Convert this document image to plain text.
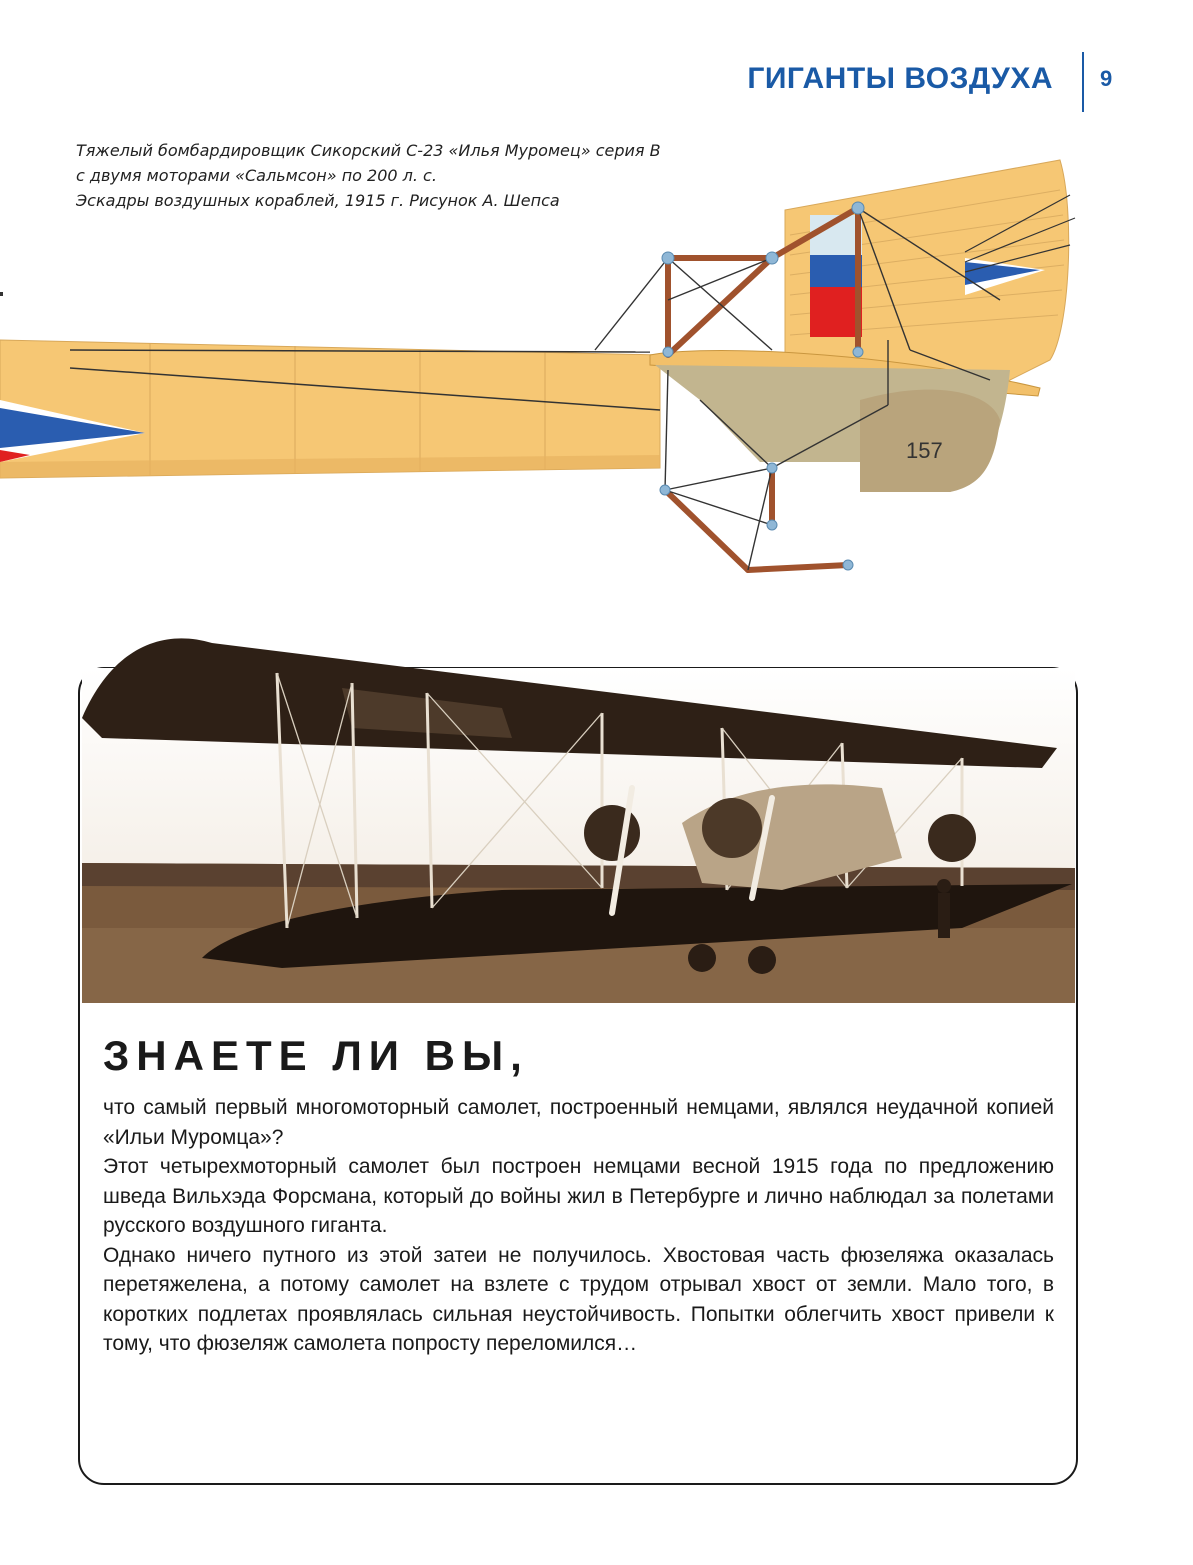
ГИГАНТЫ ВОЗДУХА 9
Тяжелый бомбардировщик Сикорский С-23 «Илья Муромец» серия В
с двумя моторами «Сальмсон» по 200 л. с.
Эскадры воздушных кораблей, 1915 г. Рисунок А. Шепса
157
ЗНАЕТЕ ЛИ ВЫ,

что самый первый многомоторный самолет, построенный немцами, являлся неудачной копией «Ильи Муромца»?

Этот четырехмоторный самолет был построен немцами весной 1915 года по предложению шведа Вильхэда Форсмана, который до войны жил в Петербурге и лично наблюдал за полетами русского воздушного гиганта.

Однако ничего путного из этой затеи не получилось. Хвостовая часть фюзеляжа оказалась перетяжелена, а потому самолет на взлете с трудом отрывал хвост от земли. Мало того, в коротких подлетах проявлялась сильная неустойчивость. Попытки облегчить хвост привели к тому, что фюзеляж самолета попросту переломился…
